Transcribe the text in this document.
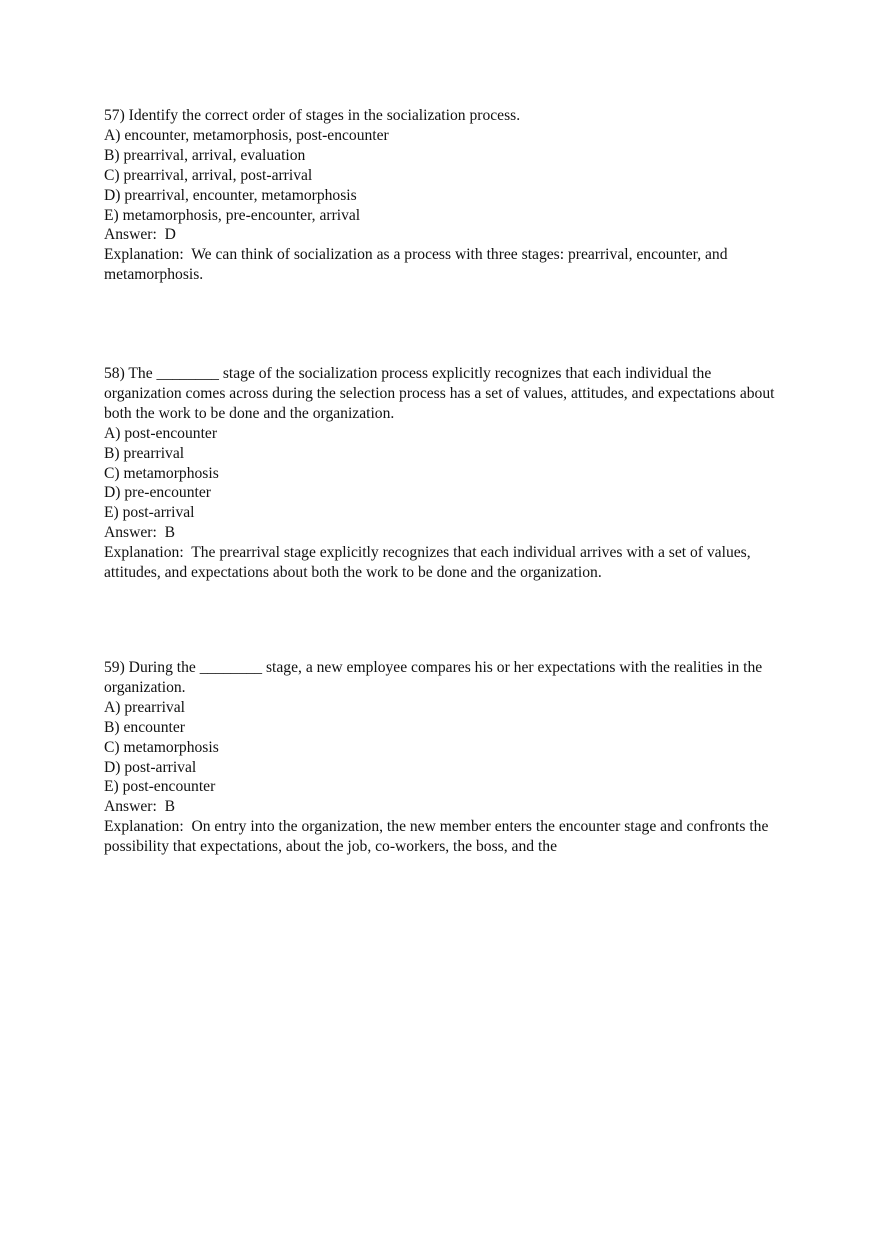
57) Identify the correct order of stages in the socialization process.
A) encounter, metamorphosis, post-encounter
B) prearrival, arrival, evaluation
C) prearrival, arrival, post-arrival
D) prearrival, encounter, metamorphosis
E) metamorphosis, pre-encounter, arrival
Answer:  D
Explanation:  We can think of socialization as a process with three stages: prearrival, encounter, and metamorphosis.
58) The ________ stage of the socialization process explicitly recognizes that each individual the organization comes across during the selection process has a set of values, attitudes, and expectations about both the work to be done and the organization.
A) post-encounter
B) prearrival
C) metamorphosis
D) pre-encounter
E) post-arrival
Answer:  B
Explanation:  The prearrival stage explicitly recognizes that each individual arrives with a set of values, attitudes, and expectations about both the work to be done and the organization.
59) During the ________ stage, a new employee compares his or her expectations with the realities in the organization.
A) prearrival
B) encounter
C) metamorphosis
D) post-arrival
E) post-encounter
Answer:  B
Explanation:  On entry into the organization, the new member enters the encounter stage and confronts the possibility that expectations, about the job, co-workers, the boss, and the
